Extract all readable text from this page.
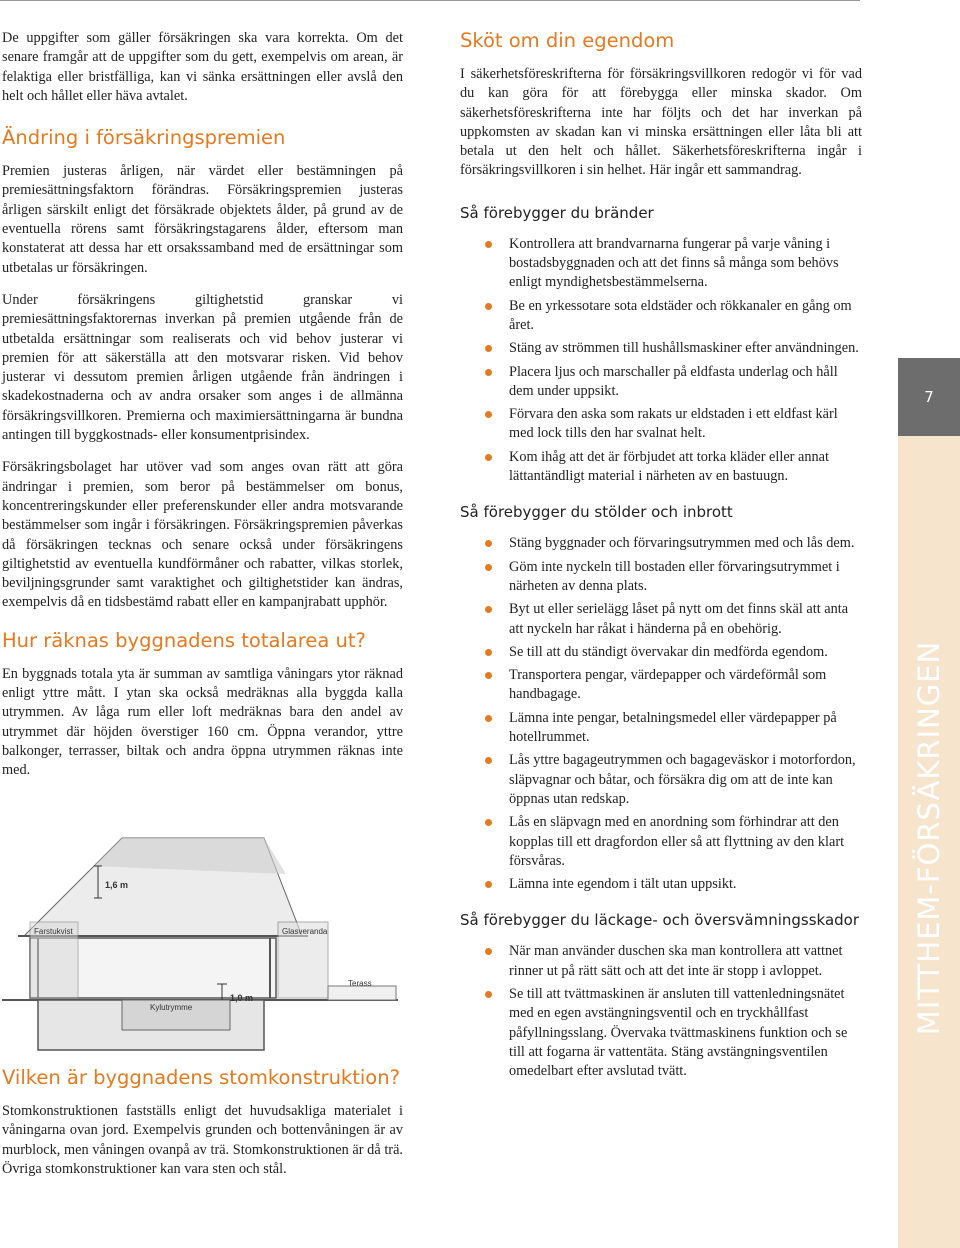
De uppgifter som gäller försäkringen ska vara korrekta. Om det senare framgår att de uppgifter som du gett, exempelvis om arean, är felaktiga eller bristfälliga, kan vi sänka ersättningen eller avslå den helt och hållet eller häva avtalet.

Ändring i försäkringspremien

Premien justeras årligen, när värdet eller bestämningen på premiesättningsfaktorn förändras. Försäkringspremien justeras årligen särskilt enligt det försäkrade objektets ålder, på grund av de eventuella rörens samt försäkringstagarens ålder, eftersom man konstaterat att dessa har ett orsakssamband med de ersättningar som utbetalas ur försäkringen.

Under försäkringens giltighetstid granskar vi premiesättningsfaktorernas inverkan på premien utgående från de utbetalda ersättningar som realiserats och vid behov justerar vi premien för att säkerställa att den motsvarar risken. Vid behov justerar vi dessutom premien årligen utgående från ändringen i skadekostnaderna och av andra orsaker som anges i de allmänna försäkringsvillkoren. Premierna och maximiersättningarna är bundna antingen till byggkostnads- eller konsumentprisindex.

Försäkringsbolaget har utöver vad som anges ovan rätt att göra ändringar i premien, som beror på bestämmelser om bonus, koncentreringskunder eller preferenskunder eller andra motsvarande bestämmelser som ingår i försäkringen. Försäkringspremien påverkas då försäkringen tecknas och senare också under försäkringens giltighetstid av eventuella kundförmåner och rabatter, vilkas storlek, beviljningsgrunder samt varaktighet och giltighetstider kan ändras, exempelvis då en tidsbestämd rabatt eller en kampanjrabatt upphör.

Hur räknas byggnadens totalarea ut?

En byggnads totala yta är summan av samtliga våningars ytor räknad enligt yttre mått. I ytan ska också medräknas alla byggda kalla utrymmen. Av låga rum eller loft medräknas bara den andel av utrymmet där höjden överstiger 160 cm. Öppna verandor, yttre balkonger, terrasser, biltak och andra öppna utrymmen räknas inte med.

1,6 m
Farstukvist	Glasveranda
Kylutrymme
1,0 m
Terass
Vilken är byggnadens stomkonstruktion?

Stomkonstruktionen fastställs enligt det huvudsakliga materialet i våningarna ovan jord. Exempelvis grunden och bottenvåningen är av murblock, men våningen ovanpå av trä. Stomkonstruktionen är då trä. Övriga stomkonstruktioner kan vara sten och stål.

Sköt om din egendom

I säkerhetsföreskrifterna för försäkringsvillkoren redogör vi för vad du kan göra för att förebygga eller minska skador. Om säkerhetsföreskrifterna inte har följts och det har inverkan på uppkomsten av skadan kan vi minska ersättningen eller låta bli att betala ut den helt och hållet. Säkerhetsföreskrifterna ingår i försäkringsvillkoren i sin helhet. Här ingår ett sammandrag.

Så förebygger du bränder
Kontrollera att brandvarnarna fungerar på varje våning i bostadsbyggnaden och att det finns så många som behövs enligt myndighetsbestämmelserna.
Be en yrkessotare sota eldstäder och rökkanaler en gång om året.
Stäng av strömmen till hushållsmaskiner efter användningen.
Placera ljus och marschaller på eldfasta underlag och håll dem under uppsikt.
Förvara den aska som rakats ur eldstaden i ett eldfast kärl med lock tills den har svalnat helt.
Kom ihåg att det är förbjudet att torka kläder eller annat lättantändligt material i närheten av en bastuugn.
Så förebygger du stölder och inbrott
Stäng byggnader och förvaringsutrymmen med och lås dem.
Göm inte nyckeln till bostaden eller förvaringsutrymmet i närheten av denna plats.
Byt ut eller serielägg låset på nytt om det finns skäl att anta att nyckeln har råkat i händerna på en obehörig.
Se till att du ständigt övervakar din medförda egendom.
Transportera pengar, värdepapper och värdeförmål som handbagage.
Lämna inte pengar, betalningsmedel eller värdepapper på hotellrummet.
Lås yttre bagageutrymmen och bagageväskor i motorfordon, släpvagnar och båtar, och försäkra dig om att de inte kan öppnas utan redskap.
Lås en släpvagn med en anordning som förhindrar att den kopplas till ett dragfordon eller så att flyttning av den klart försvåras.
Lämna inte egendom i tält utan uppsikt.
Så förebygger du läckage- och översvämningsskador
När man använder duschen ska man kontrollera att vattnet rinner ut på rätt sätt och att det inte är stopp i avloppet.
Se till att tvättmaskinen är ansluten till vattenledningsnätet med en egen avstängningsventil och en tryckhållfast påfyllningsslang. Övervaka tvättmaskinens funktion och se till att fogarna är vattentäta. Stäng avstängningsventilen omedelbart efter avslutad tvätt.
7
MITTHEM-FÖRSÄKRINGEN
